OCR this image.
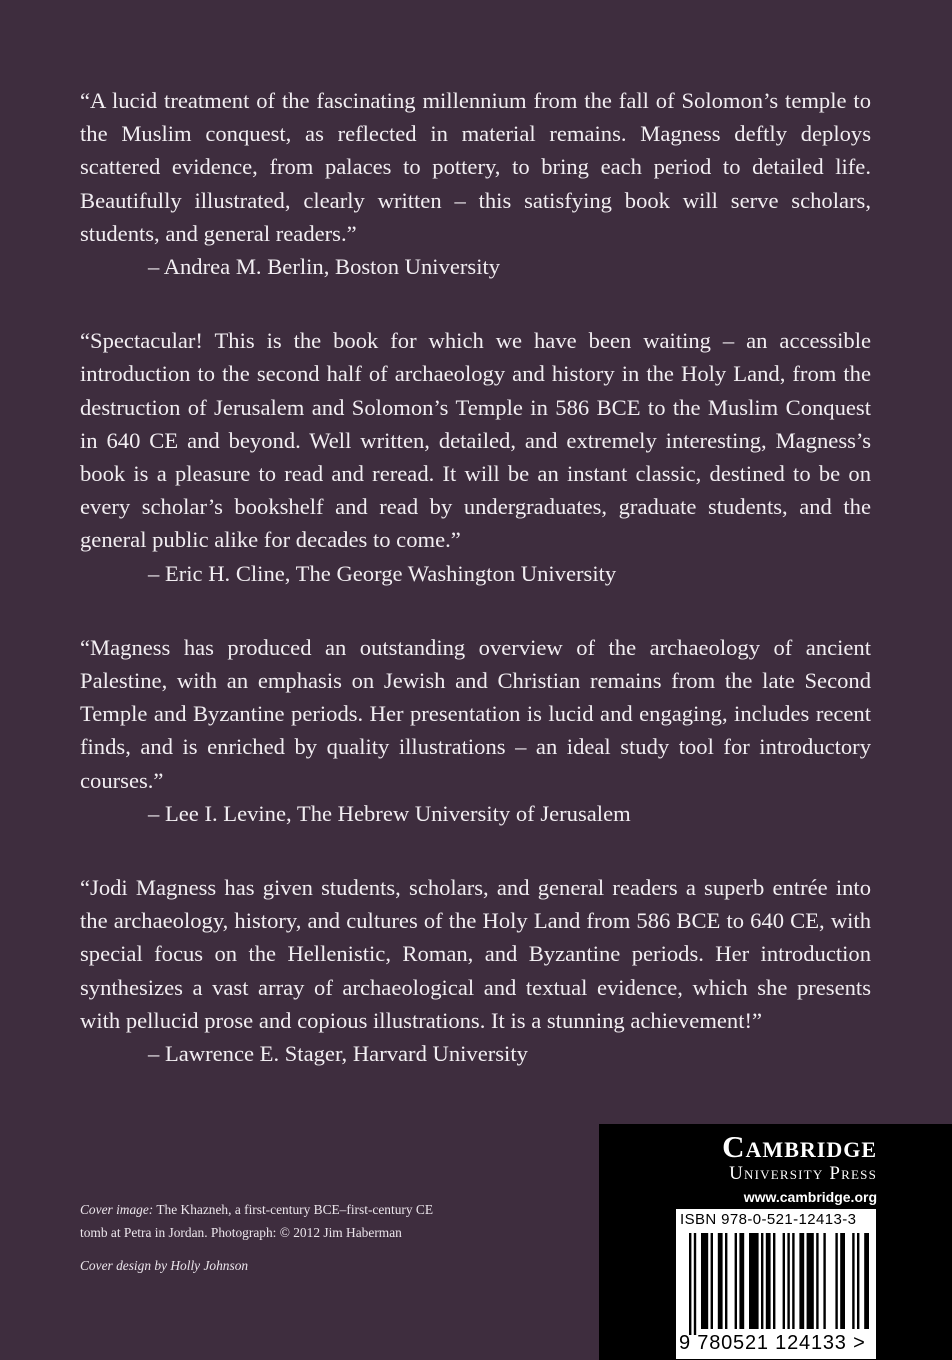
“A lucid treatment of the fascinating millennium from the fall of Solomon’s temple to the Muslim conquest, as reflected in material remains. Magness deftly deploys scattered evidence, from palaces to pottery, to bring each period to detailed life. Beautifully illustrated, clearly written – this satisfying book will serve scholars, students, and general readers.”

– Andrea M. Berlin, Boston University

“Spectacular! This is the book for which we have been waiting – an accessible introduction to the second half of archaeology and history in the Holy Land, from the destruction of Jerusalem and Solomon’s Temple in 586 BCE to the Muslim Conquest in 640 CE and beyond. Well written, detailed, and extremely interesting, Magness’s book is a pleasure to read and reread. It will be an instant classic, destined to be on every scholar’s bookshelf and read by undergraduates, graduate students, and the general public alike for decades to come.”

– Eric H. Cline, The George Washington University

“Magness has produced an outstanding overview of the archaeology of ancient Palestine, with an emphasis on Jewish and Christian remains from the late Second Temple and Byzantine periods. Her presentation is lucid and engaging, includes recent finds, and is enriched by quality illustrations – an ideal study tool for introductory courses.”

– Lee I. Levine, The Hebrew University of Jerusalem

“Jodi Magness has given students, scholars, and general readers a superb entrée into the archaeology, history, and cultures of the Holy Land from 586 BCE to 640 CE, with special focus on the Hellenistic, Roman, and Byzantine periods. Her introduction synthesizes a vast array of archaeological and textual evidence, which she presents with pellucid prose and copious illustrations. It is a stunning achievement!”

– Lawrence E. Stager, Harvard University

Cover image: The Khazneh, a first-century BCE–first-century CE

tomb at Petra in Jordan. Photograph: © 2012 Jim Haberman

Cover design by Holly Johnson

Cambridge
University Press
www.cambridge.org
ISBN 978-0-521-12413-3
9 780521 124133 >
